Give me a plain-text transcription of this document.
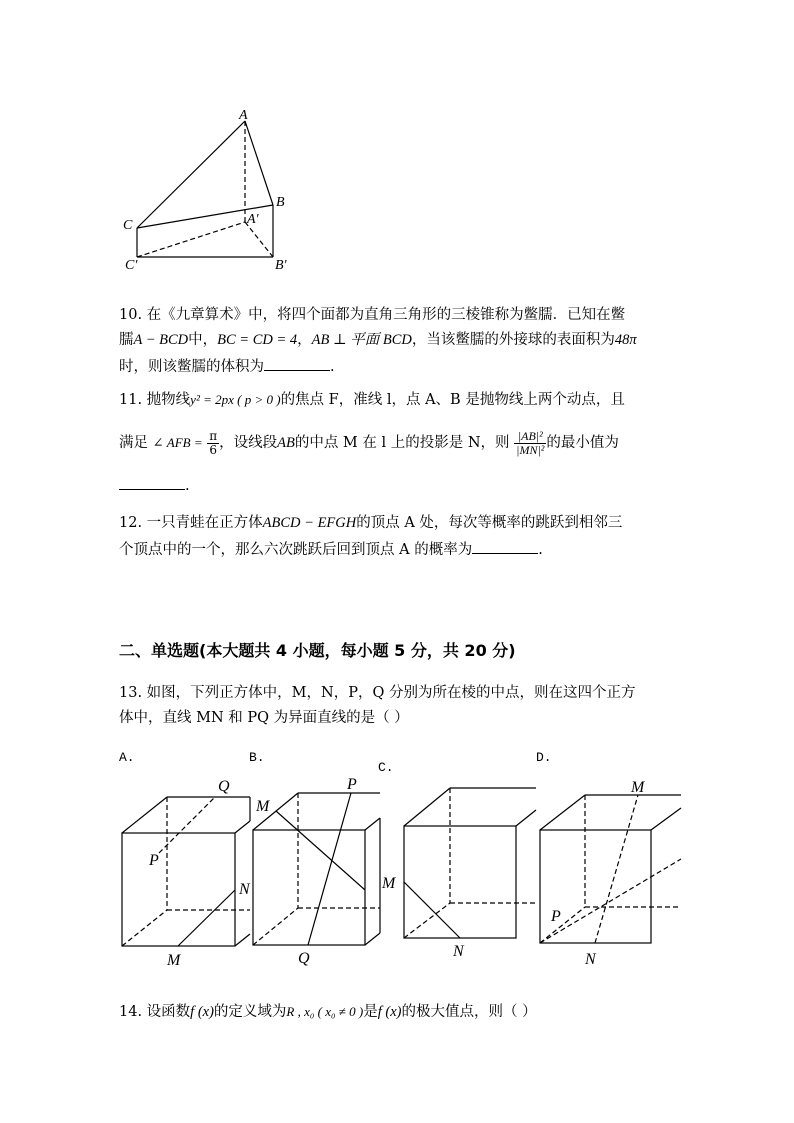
A
B
C	A′
B′
C′
10. 在《九章算术》中，将四个面都为直角三角形的三棱锥称为鳖臑．已知在鳖
臑A − BCD中，BC = CD = 4，AB ⊥ 平面 BCD，当该鳖臑的外接球的表面积为48π
时，则该鳖臑的体积为	.
11. 抛物线y² = 2px ( p > 0 )的焦点 F，准线 l，点 A、B 是抛物线上两个动点，且
满足 ∠ AFB = $\frac{\pi}{6}$ ，设线段AB的中点 M 在 l 上的投影是 N，则 $\frac{\text{|AB|²}}{\text{|MN|²}}$ 的最小值为
.
12. 一只青蛙在正方体ABCD − EFGH的顶点 A 处，每次等概率的跳跃到相邻三
个顶点中的一个，那么六次跳跃后回到顶点 A 的概率为	.
二、单选题(本大题共 4 小题，每小题 5 分，共 20 分)
13. 如图，下列正方体中，M，N，P，Q 分别为所在棱的中点，则在这四个正方
体中，直线 MN 和 PQ 为异面直线的是（ ）
A.	B.
C.
D.
Q
P
N
M
M
P
Q
M
N
M
P
N
14. 设函数f (x)的定义域为R , x₀ ( x₀ ≠ 0 )是f (x)的极大值点，则（ ）
